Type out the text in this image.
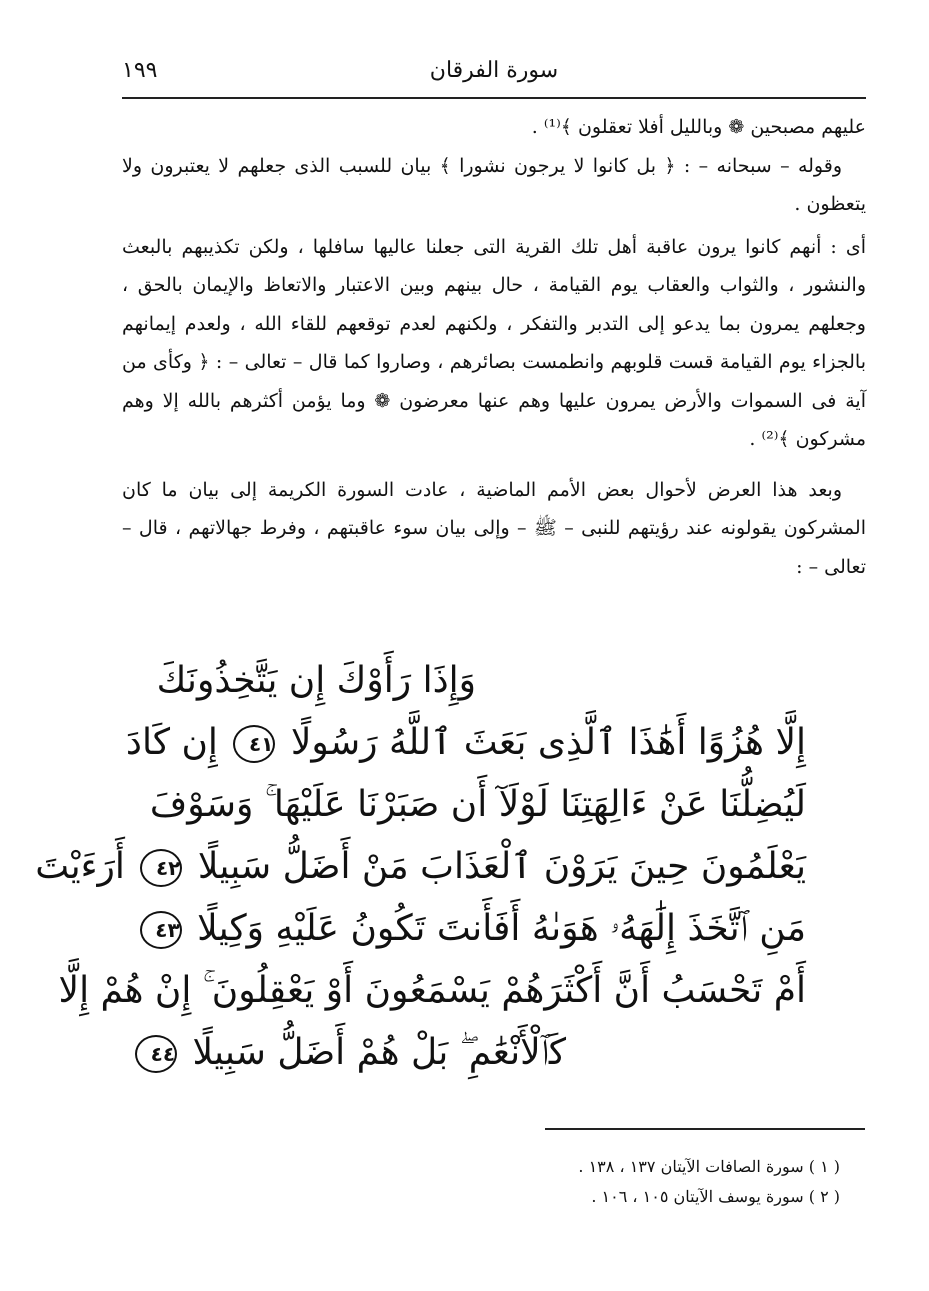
١٩٩	سورة الفرقان

عليهم مصبحين ❁ وبالليل أفلا تعقلون ﴾⁽¹⁾ .

وقوله – سبحانه – : ﴿ بل كانوا لا يرجون نشورا ﴾ بيان للسبب الذى جعلهم لا يعتبرون ولا يتعظون .

أى : أنهم كانوا يرون عاقبة أهل تلك القرية التى جعلنا عاليها سافلها ، ولكن تكذيبهم بالبعث والنشور ، والثواب والعقاب يوم القيامة ، حال بينهم وبين الاعتبار والاتعاظ والإيمان بالحق ، وجعلهم يمرون بما يدعو إلى التدبر والتفكر ، ولكنهم لعدم توقعهم للقاء الله ، ولعدم إيمانهم بالجزاء يوم القيامة قست قلوبهم وانطمست بصائرهم ، وصاروا كما قال – تعالى – : ﴿ وكأى من آية فى السموات والأرض يمرون عليها وهم عنها معرضون ❁ وما يؤمن أكثرهم بالله إلا وهم مشركون ﴾⁽²⁾ .

وبعد هذا العرض لأحوال بعض الأمم الماضية ، عادت السورة الكريمة إلى بيان ما كان المشركون يقولونه عند رؤيتهم للنبى – ﷺ – وإلى بيان سوء عاقبتهم ، وفرط جهالاتهم ، قال – تعالى – :

وَإِذَا رَأَوْكَ إِن يَتَّخِذُونَكَ
إِلَّا هُزُوًا أَهَٰذَا ٱلَّذِى بَعَثَ ٱللَّهُ رَسُولًا ٤١ إِن كَادَ
لَيُضِلُّنَا عَنْ ءَالِهَتِنَا لَوْلَآ أَن صَبَرْنَا عَلَيْهَا ۚ وَسَوْفَ
يَعْلَمُونَ حِينَ يَرَوْنَ ٱلْعَذَابَ مَنْ أَضَلُّ سَبِيلًا ٤٢ أَرَءَيْتَ
مَنِ ٱتَّخَذَ إِلَٰهَهُۥ هَوَىٰهُ أَفَأَنتَ تَكُونُ عَلَيْهِ وَكِيلًا ٤٣
أَمْ تَحْسَبُ أَنَّ أَكْثَرَهُمْ يَسْمَعُونَ أَوْ يَعْقِلُونَ ۚ إِنْ هُمْ إِلَّا
كَٱلْأَنْعَٰمِ ۖ بَلْ هُمْ أَضَلُّ سَبِيلًا ٤٤
( ١ ) سورة الصافات الآيتان ١٣٧ ، ١٣٨ .
( ٢ ) سورة يوسف الآيتان ١٠٥ ، ١٠٦ .
